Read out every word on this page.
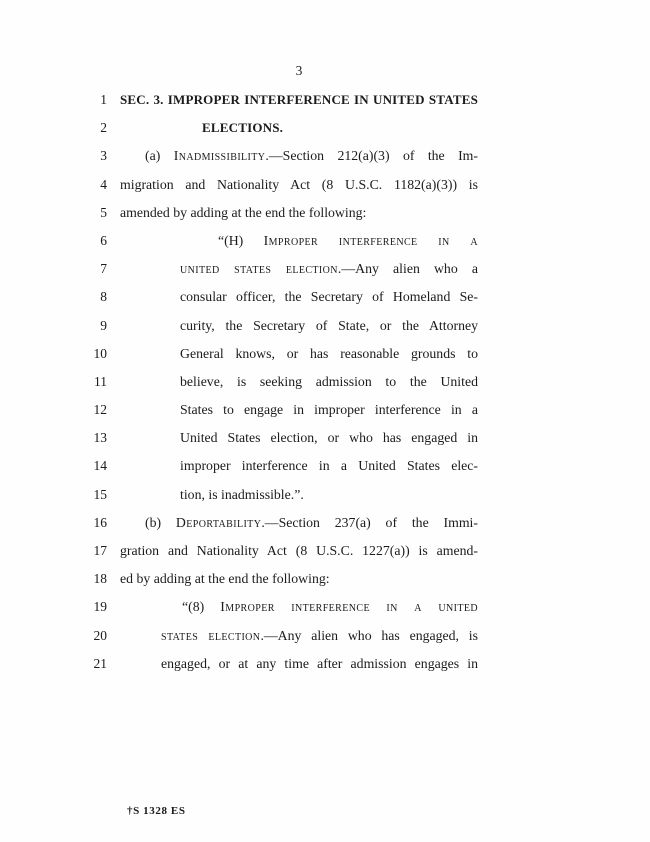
3
1 SEC. 3. IMPROPER INTERFERENCE IN UNITED STATES
2	ELECTIONS.
3	(a) Inadmissibility.—Section 212(a)(3) of the Im-
4 migration and Nationality Act (8 U.S.C. 1182(a)(3)) is
5 amended by adding at the end the following:
6	“(H) Improper interference in a
7	united states election.—Any alien who a
8	consular officer, the Secretary of Homeland Se-
9	curity, the Secretary of State, or the Attorney
10	General knows, or has reasonable grounds to
11	believe, is seeking admission to the United
12	States to engage in improper interference in a
13	United States election, or who has engaged in
14	improper interference in a United States elec-
15	tion, is inadmissible.”.
16	(b) Deportability.—Section 237(a) of the Immi-
17 gration and Nationality Act (8 U.S.C. 1227(a)) is amend-
18 ed by adding at the end the following:
19	“(8) Improper interference in a united
20	states election.—Any alien who has engaged, is
21	engaged, or at any time after admission engages in
†S 1328 ES
